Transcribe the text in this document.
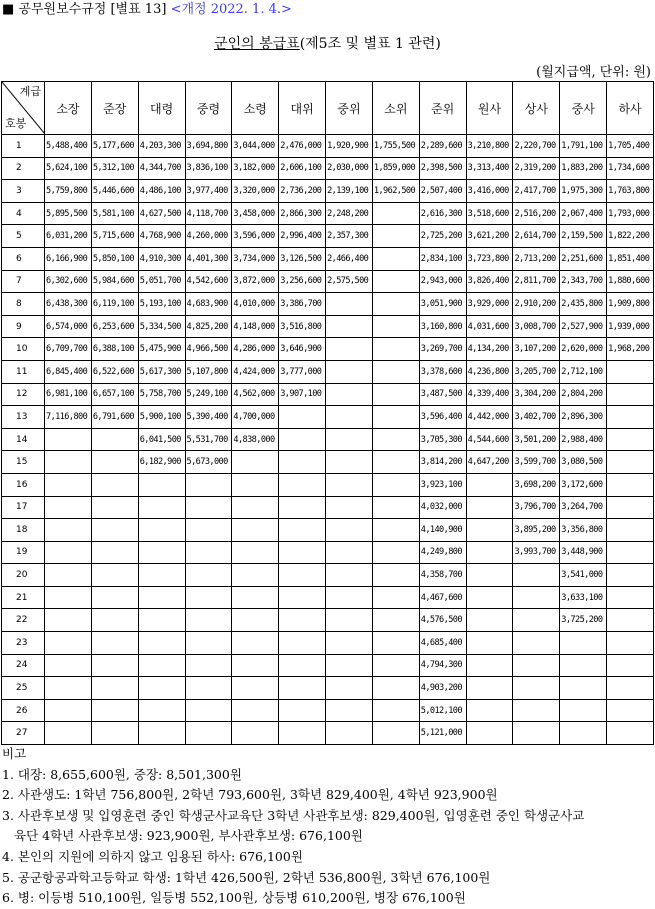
■ 공무원보수규정 [별표 13] <개정 2022. 1. 4.>
군인의 봉급표(제5조 및 별표 1 관련)
(월지급액, 단위: 원)
계급
호봉	소장	준장	대령	중령	소령	대위	중위	소위	준위	원사	상사	중사	하사
1	5,488,400	5,177,600	4,203,300	3,694,800	3,044,000	2,476,000	1,920,900	1,755,500	2,289,600	3,210,800	2,220,700	1,791,100	1,705,400
2	5,624,100	5,312,100	4,344,700	3,836,100	3,182,000	2,606,100	2,030,000	1,859,000	2,398,500	3,313,400	2,319,200	1,883,200	1,734,600
3	5,759,800	5,446,600	4,486,100	3,977,400	3,320,000	2,736,200	2,139,100	1,962,500	2,507,400	3,416,000	2,417,700	1,975,300	1,763,800
4	5,895,500	5,581,100	4,627,500	4,118,700	3,458,000	2,866,300	2,248,200		2,616,300	3,518,600	2,516,200	2,067,400	1,793,000
5	6,031,200	5,715,600	4,768,900	4,260,000	3,596,000	2,996,400	2,357,300		2,725,200	3,621,200	2,614,700	2,159,500	1,822,200
6	6,166,900	5,850,100	4,910,300	4,401,300	3,734,000	3,126,500	2,466,400		2,834,100	3,723,800	2,713,200	2,251,600	1,851,400
7	6,302,600	5,984,600	5,051,700	4,542,600	3,872,000	3,256,600	2,575,500		2,943,000	3,826,400	2,811,700	2,343,700	1,880,600
8	6,438,300	6,119,100	5,193,100	4,683,900	4,010,000	3,386,700			3,051,900	3,929,000	2,910,200	2,435,800	1,909,800
9	6,574,000	6,253,600	5,334,500	4,825,200	4,148,000	3,516,800			3,160,800	4,031,600	3,008,700	2,527,900	1,939,000
10	6,709,700	6,388,100	5,475,900	4,966,500	4,286,000	3,646,900			3,269,700	4,134,200	3,107,200	2,620,000	1,968,200
11	6,845,400	6,522,600	5,617,300	5,107,800	4,424,000	3,777,000			3,378,600	4,236,800	3,205,700	2,712,100	
12	6,981,100	6,657,100	5,758,700	5,249,100	4,562,000	3,907,100			3,487,500	4,339,400	3,304,200	2,804,200	
13	7,116,800	6,791,600	5,900,100	5,390,400	4,700,000				3,596,400	4,442,000	3,402,700	2,896,300	
14			6,041,500	5,531,700	4,838,000				3,705,300	4,544,600	3,501,200	2,988,400	
15			6,182,900	5,673,000					3,814,200	4,647,200	3,599,700	3,080,500	
16									3,923,100		3,698,200	3,172,600	
17									4,032,000		3,796,700	3,264,700	
18									4,140,900		3,895,200	3,356,800	
19									4,249,800		3,993,700	3,448,900	
20									4,358,700			3,541,000	
21									4,467,600			3,633,100	
22									4,576,500			3,725,200	
23									4,685,400				
24									4,794,300				
25									4,903,200				
26									5,012,100				
27									5,121,000				
비고
1. 대장: 8,655,600원, 중장: 8,501,300원
2. 사관생도: 1학년 756,800원, 2학년 793,600원, 3학년 829,400원, 4학년 923,900원
3. 사관후보생 및 입영훈련 중인 학생군사교육단 3학년 사관후보생: 829,400원, 입영훈련 중인 학생군사교
육단 4학년 사관후보생: 923,900원, 부사관후보생: 676,100원
4. 본인의 지원에 의하지 않고 임용된 하사: 676,100원
5. 공군항공과학고등학교 학생: 1학년 426,500원, 2학년 536,800원, 3학년 676,100원
6. 병: 이등병 510,100원, 일등병 552,100원, 상등병 610,200원, 병장 676,100원
